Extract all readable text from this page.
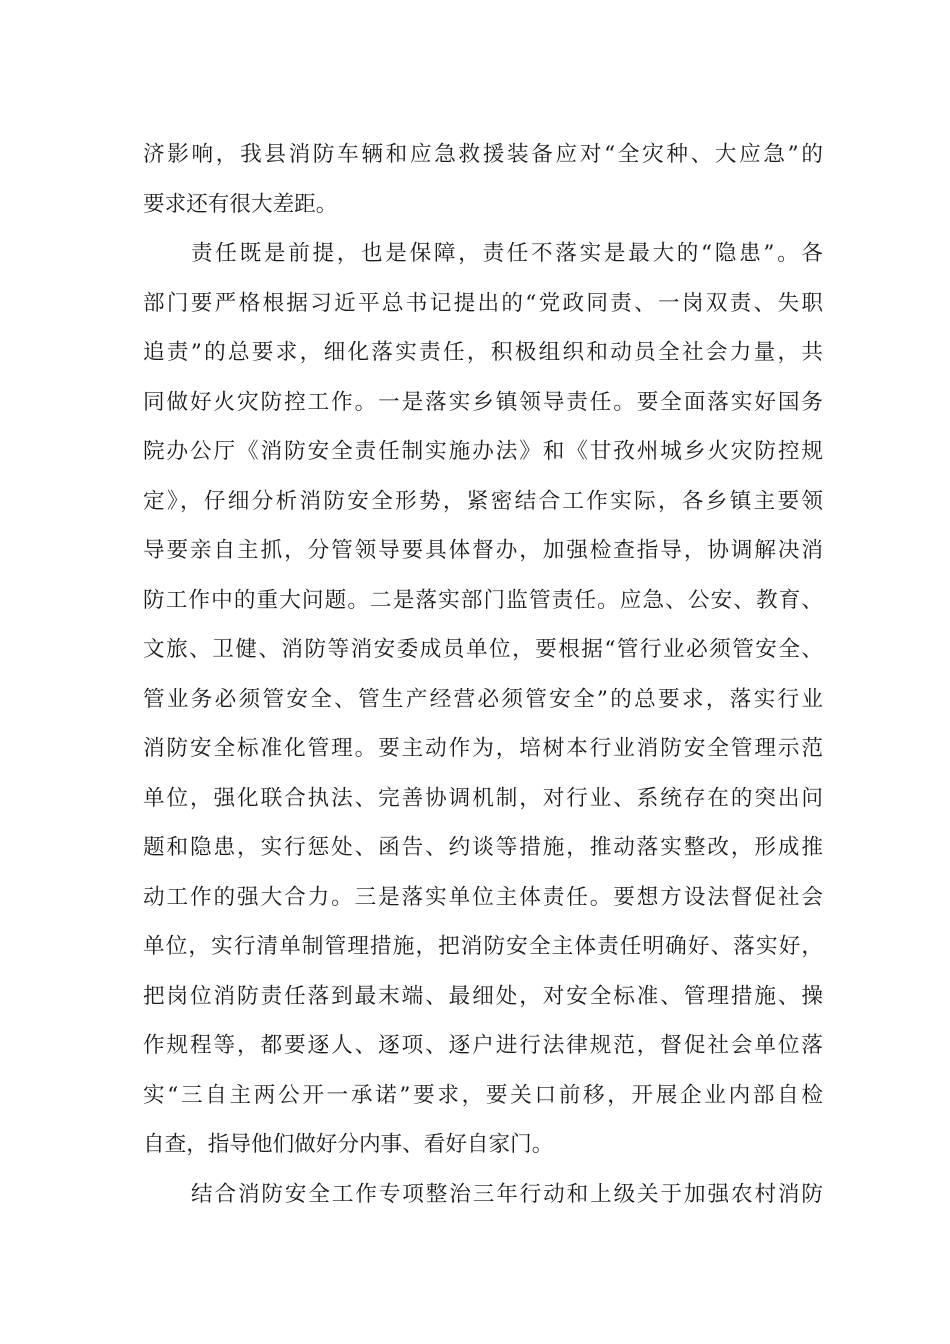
济影响，我县消防车辆和应急救援装备应对“全灾种、大应急”的
要求还有很大差距。
责任既是前提，也是保障，责任不落实是最大的“隐患”。各
部门要严格根据习近平总书记提出的“党政同责、一岗双责、失职
追责”的总要求，细化落实责任，积极组织和动员全社会力量，共
同做好火灾防控工作。一是落实乡镇领导责任。要全面落实好国务
院办公厅《消防安全责任制实施办法》和《甘孜州城乡火灾防控规
定》，仔细分析消防安全形势，紧密结合工作实际，各乡镇主要领
导要亲自主抓，分管领导要具体督办，加强检查指导，协调解决消
防工作中的重大问题。二是落实部门监管责任。应急、公安、教育、
文旅、卫健、消防等消安委成员单位，要根据“管行业必须管安全、
管业务必须管安全、管生产经营必须管安全”的总要求，落实行业
消防安全标准化管理。要主动作为，培树本行业消防安全管理示范
单位，强化联合执法、完善协调机制，对行业、系统存在的突出问
题和隐患，实行惩处、函告、约谈等措施，推动落实整改，形成推
动工作的强大合力。三是落实单位主体责任。要想方设法督促社会
单位，实行清单制管理措施，把消防安全主体责任明确好、落实好，
把岗位消防责任落到最末端、最细处，对安全标准、管理措施、操
作规程等，都要逐人、逐项、逐户进行法律规范，督促社会单位落
实“三自主两公开一承诺”要求，要关口前移，开展企业内部自检
自查，指导他们做好分内事、看好自家门。
结合消防安全工作专项整治三年行动和上级关于加强农村消防
